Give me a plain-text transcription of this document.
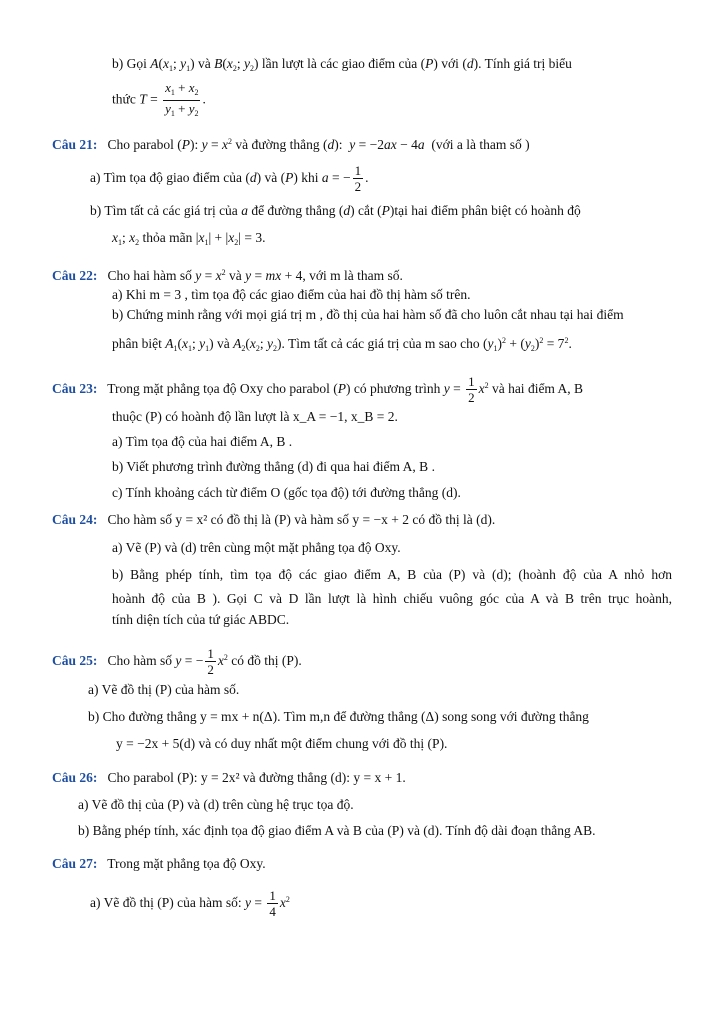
b) Gọi $A(x_1$; $y_1$) và $B(x_2$; $y_2$) lần lượt là các giao điểm của (P) với (d). Tính giá trị biểu
thức $T = \frac{x_1 + x_2}{y_1 + y_2}$ .
Câu 21: Cho parabol (P): $y = x^2$ và đường thẳng (d):  y = −2ax − 4a (với a là tham số )
a) Tìm tọa độ giao điểm của (d) và (P) khi a = − $\frac{1}{2}$ .
b) Tìm tất cả các giá trị của a để đường thẳng (d) cắt (P)tại hai điểm phân biệt có hoành độ
$x_1$; $x_2$ thỏa mãn $|x_1| + |x_2| = 3$.
Câu 22: Cho hai hàm số $y = x^2$ và y = mx + 4, với m là tham số.
a) Khi m = 3 , tìm tọa độ các giao điểm của hai đồ thị hàm số trên.
b) Chứng minh rằng với mọi giá trị m , đồ thị của hai hàm số đã cho luôn cắt nhau tại hai điểm
phân biệt $A_1(x_1$; $y_1$) và $A_2(x_2$; $y_2$). Tìm tất cả các giá trị của m sao cho $(y_1)^2 + (y_2)^2 = 7^2$.
Câu 23: Trong mặt phẳng tọa độ Oxy cho parabol (P) có phương trình $y = \frac{1}{2} x^2$ và hai điểm A, B
thuộc (P) có hoành độ lần lượt là x_A = −1, x_B = 2.
a) Tìm tọa độ của hai điểm A, B .
b) Viết phương trình đường thẳng (d) đi qua hai điểm A, B .
c) Tính khoảng cách từ điểm O (gốc tọa độ) tới đường thẳng (d).
Câu 24: Cho hàm số y = x² có đồ thị là (P) và hàm số y = −x + 2 có đồ thị là (d).
a) Vẽ (P) và (d) trên cùng một mặt phẳng tọa độ Oxy.
b) Bằng phép tính, tìm tọa độ các giao điểm A, B của (P) và (d); (hoành độ của A nhỏ hơn
hoành độ của B ). Gọi C và D lần lượt là hình chiếu vuông góc của A và B trên trục hoành,
tính diện tích của tứ giác ABDC.
Câu 25: Cho hàm số y = − $\frac{1}{2} x^2$ có đồ thị (P).
a) Vẽ đồ thị (P) của hàm số.
b) Cho đường thẳng y = mx + n(Δ). Tìm m,n để đường thẳng (Δ) song song với đường thẳng
y = −2x + 5(d) và có duy nhất một điểm chung với đồ thị (P).
Câu 26: Cho parabol (P): y = 2x² và đường thẳng (d): y = x + 1.
a) Vẽ đồ thị của (P) và (d) trên cùng hệ trục tọa độ.
b) Bằng phép tính, xác định tọa độ giao điểm A và B của (P) và (d). Tính độ dài đoạn thẳng AB.
Câu 27: Trong mặt phẳng tọa độ Oxy.
a) Vẽ đồ thị (P) của hàm số: $y = \frac{1}{4} x^2$
